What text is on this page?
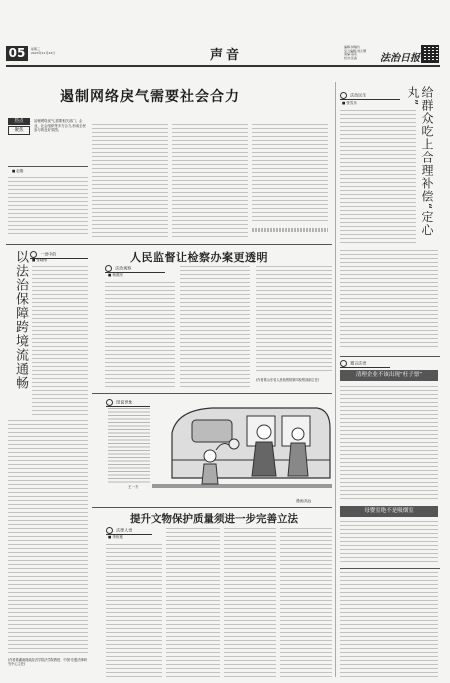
05	星期三
2023年11月22日	声音
编辑:钟瑞玲
见习编辑:刘元珊
美编:高亮
校对:张淼	法治日报
遏制网络戾气需要社会合力
热点
聚焦
治理网络戾气,需要相关部门、企业、社会组织等多方合力,形成全民参与的良好氛围。
■ 赵刚
法治民生
■ 张雪乐	给群众吃上合理补偿“定心丸”
以法治保障跨境流通畅	一语中的
■ 张晓雨
(作者系湖南财政经济学院法学院教授、中国·东盟法律研究中心主任)
人民监督让检察办案更透明
法治观察
■ 杨燕民
(作者系山东省人民检察院第四检察部副主任)
图说世象
王一方
漫画/高远
提升文物保护质量须进一步完善立法
法律人语
■ 李欣莲
微言法语
清理企业不该出现“枉子票”
母婴室绝不是吸烟室
